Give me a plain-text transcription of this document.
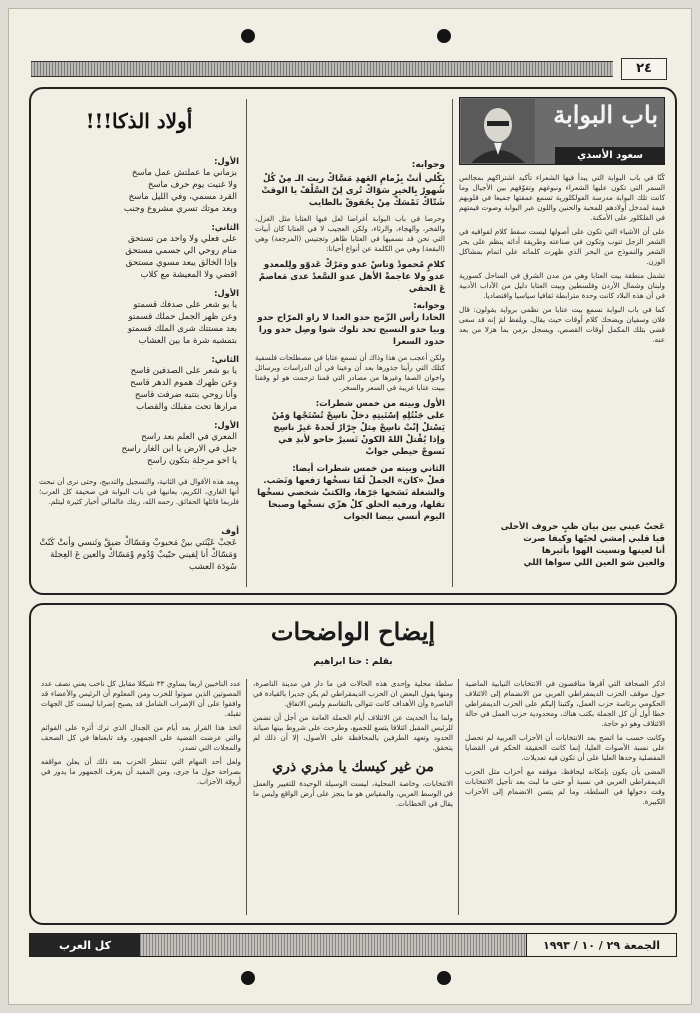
٢٤
باب البوابة
سعود الأسدي

كُنّا في باب البوابة التي يبدأ فيها الشعراء تأكيد اشتراكهم بمجالس السمر التي تكون عليها الشعراء ونبوغهم وتفوّقهم بين الأجيال وما كانت تلك البوابة مدرسة الفولكلورية تسمع عمقتها جميعا في قلوبهم قيمة لمدخل أولادهم للمحبة والحنين واللون عبر البوابة وصوت قيمتهم في الفلكلور على الأمكنة.

على أن الأشياء التي تكون على أصولها ليست سقط كلام لقوافيه في الشعر الزجل تنوب وتكون في صناعته وطريقة أدائه ينظم على بحر الشعر والنموذج من البحر الذي ظهرت كلماته على اتمام بمشاكل الوزن.

تشمل منطقة بيت العتابا وهي من مدن الشرق في الساحل كسورية ولبنان وشمال الأردن وفلسطين وبيت العتابا دليل من الآداب الأدبية في أن هذه البلاد كانت وحدة مترابطة ثقافيا سياسيا واقتصاديا.

كما في باب البوابة نسمع بيت عتابا من نظمي برواية يقولون: قال فلان وسفيان ويضحك كلام أوقات حيث يقال، ويلفظ لمَ إنه قد سعى قضى بتلك المكمل أوقات القصص، ويسجل بزمن بما هزلا من بعد عنه.

عَجبٌ عيني بين بيان ظبٍ حروف الأحلى
فيا قلبي إمشي لحيّها وكيفا صرت
أنا لعينها ونسيت الهوا بأثيرها
والعين شو العين اللي سواها اللي
وجوابه:
بِكْلي أنتْ بِزْمامِ العَهدِ مَسَّاكْ ريت الـ مِنْ كُلْ شُهورْ بِالخيرِ سَوّاكْ تُرى لِنّ السَّلْفْ يا الوقتْ شَتّاكْ تَمْسَكْ مِنْ بِحُقوقْ بالطايب
وحرصا في باب البوابة أغراضا لعل فيها العتابا مثل الغزل، والفخر، والهجاء، والرثاء، ولكن العجيب لا في العتابا كان أبيات التي نحن قد نسميها في العتابا ظاهر وتجنيس (المرجعة) وهي (البقعة) وهي من الكلمة عن أنواع أحيانا:
كلامٍ مُحمودْ وَتاسْ عدو ومَرْكْ عَدوّو ولِلمعدو عدو ولا عاجمةْ الأهل عدو السَّعدْ عدى مَعاصمْ عَ الحقي
وجوابه:
الحادا رأس الزّمح حدو العدا لا راو المرّاح حدو وبيا حدو النسيج تحد تلوك شوا وصِل حدو ورا حدود السعرا
ولكن أعجب من هذا وذاك أن تسمع عتابا في مصطلحات فلسفية كتلك التي رأينا جذورها بعد أن وعينا في أن الدراسات وبرسائل واخوان الصفا وغيرها من مصادر التي قمنا ترجمت هو لو وقفنا ببيت عتابا غريبة في السعر والسخر.
الأول وبيته من خمس شطرات:
على جَنْتُلِهِ إسْتَيتِهِ دخلْ ناسِجْ تُسْتَجْها وَمْنْ يَسْتلْ إنْتْ ناسِجْ مِثلْ جِرّارْ لَحدهْ غيرْ ناسِج وإذا يُقْتلْ اللهْ الكونْ تَسيرْ حاحو لأبدِ في نَسوجْ حيطي جوابْ
الثاني وبيته من خمس شطرات أيضا:
فعلْ «كان» الجملْ لَمّا نسخْها رَفعها وَنَصَب. والشغلة نَسَخها جَرّها، والكتبْ شخصي نسخْها تقلها، ورفيه الحلق كلْ هزّي نسخْها وصبحا اليوم أنسي بيضا الجواب
أولاد الذكا!!!
الأول:
بزماني ما عملتش عمل ماسخ
ولا غنيت يوم حرف ماسخ
القرد مسمي، وفي الليل ماسخ
وبعد موتك تسري مشروع وجنب
الثاني:
على فعلي ولا واحد من تستحق
منام روحي الي جسمي مستحق
وإذا الخالق يبعد مسوي مستحق
اقضي ولا المعيشة مع كلاب
الأول:
يا بو شعر على صدفك قسمتو
وعن ظهر الجمل حملك قسمتو
بعد مستتك شرى الملك قسمتو
بتمشيه شرة ما بين العشاب
الثاني:
يا بو شعر على الصدفين قاسح
وعن ظهرك هموم الدهر قاسح
وأنا روحي بتتبه ضرفت قاسح
مرارها تحت مقبلك والقصاب
الأول:
المعري في العلم بعد راسح
جبل في الارض يا ابن الغار راسح
يا اخو مرحلة بتكون راسح
ويعد هذه الأقوال في الثانية، والتسجيل والتدبيج، وحتى نرى أن نبحث أنها الغاري، الكريم، يعانيها في باب البوابة في صحيفة كل العرب؛ فلربما قائلها الحقائق. رحمه الله، ربتك عالمالي أخيار كثيرة ليتلم.
أوف
عَجبْ عَيْنَتي بينْ مَحبوبْ ومَسّاكْ ضيقْ وتَنسي وأنتْ كَنّتْ وَمَسّاكْ أنا لِفيني حبّيبْ وْدُوم وْمَسّاكْ والعين عَ العِجلة سُودَة العشب
إيضاح الواضحات
بقلم : حنا ابراهيم

اذكر الصحافة التي أقرها مناقصون في الانتخابات النيابية الماضية حول موقف الحزب الديمقراطي العربي من الانضمام إلى الائتلاف الحكومي برئاسة حزب العمل، وكتبنا إليكم على الحزب الديمقراطي خطا أول أن كل الجملة بكتب هناك، ومحدودية حزب العمل في حالة الائتلاف وهو ذو حاجة.

وكانت حسب ما اتضح بعد الانتخابات أن الأحزاب العربية لم تحصل على نسبة الأصوات العليا، إنما كانت الحقيقة الحكم في القضايا المفصلية وحدها العليا على أن تكون فيه تعديلات.

المضى بأن يكون بإمكانه ليحافظ، موقفه مع أحزاب مثل الحزب الديمقراطي العربي في نسبة أو حتى ما لبث بعد تأجيل الانتخابات وقت دخولها في السلطة، وما لم يتسن الانضمام إلى الأحزاب الكبيرة.

سلطة محلية وإحدى هذه الحالات في ما دار في مدينة الناصرة، ومنها يقول البعض ان الحزب الديمقراطي لم يكن جديرا بالقيادة في الناصرة وأن الأهداف كانت تتوالى بالتقاسم وليس الاتفاق.

ولما بدأ الحديث عن الائتلاف أيام الحملة العامة من أجل أن تضمن للرئيس المقبل ائتلافا يتسع للجميع، وطرحت على شروط بينها صيانة الحدود وتعهد الطرفين بالمحافظة على الأصول، إلا أن ذلك لم يتحقق.

من غير كيسك يا مذري ذري

الانتخابات، وخاصة المحلية، ليست الوسيلة الوحيدة للتغيير والعمل في الوسط العربي، والمقياس هو ما ينجز على أرض الواقع وليس ما يقال في الخطابات.

عدد الناخبين اربعا يساوي ٣٣ شيكلا مقابل كل ناخب يعني نصف عدد المصوتين الذين صوتوا للحزب ومن المعلوم أن الرئيس والأعضاء قد وافقوا على أن الإضراب الشامل قد يصبح إضرابا ليست كل الجهات تقبله.

اتخذ هذا القرار بعد أيام من الجدال الذي ترك أثره على القوائم والتي عرضت القضية على الجمهور، وقد تابعناها في كل الصحف والمجلات التي تصدر.

ولعل أحد المهام التي تنتظر الحزب بعد ذلك أن يعلن مواقفه بصراحة حول ما جرى، ومن المفيد أن يعرف الجمهور ما يدور في أروقة الأحزاب.

الجمعة ٢٩ / ١٠ / ١٩٩٣
كل العرب
